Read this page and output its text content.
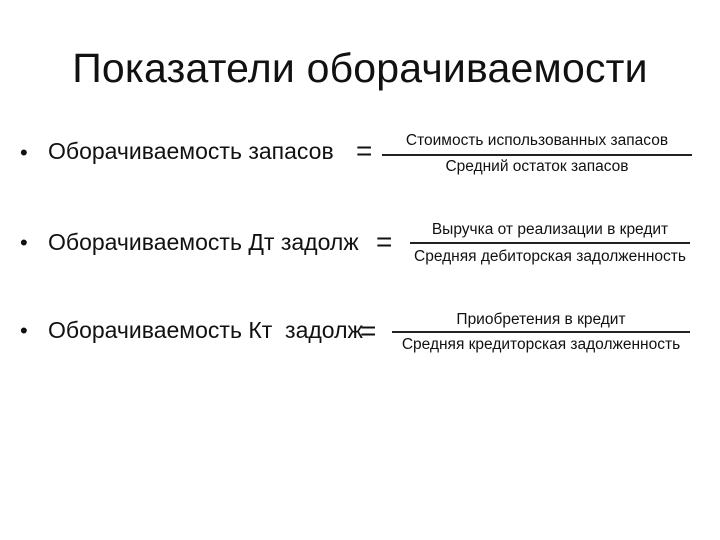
Показатели оборачиваемости
• Оборачиваемость запасов =	Стоимость использованных запасов
Средний остаток запасов
• Оборачиваемость Дт задолж =	Выручка от реализации в кредит
Средняя дебиторская задолженность
• Оборачиваемость Кт  задолж
=	Приобретения в кредит
Средняя кредиторская задолженность
